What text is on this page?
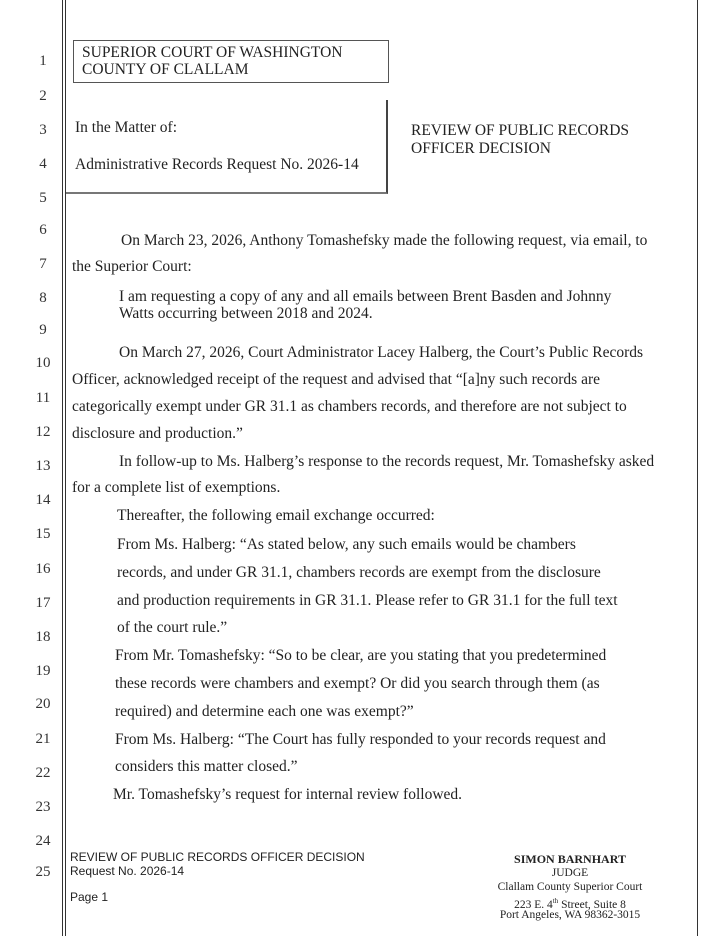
1
2
3
4
5
6
7
8
9
10
11
12
13
14
15
16
17
18
19
20
21
22
23
24
25
SUPERIOR COURT OF WASHINGTON
COUNTY OF CLALLAM
In the Matter of:
Administrative Records Request No. 2026-14
REVIEW OF PUBLIC RECORDS
OFFICER DECISION
On March 23, 2026, Anthony Tomashefsky made the following request, via email, to
the Superior Court:
I am requesting a copy of any and all emails between Brent Basden and Johnny
Watts occurring between 2018 and 2024.
On March 27, 2026, Court Administrator Lacey Halberg, the Court’s Public Records
Officer, acknowledged receipt of the request and advised that “[a]ny such records are
categorically exempt under GR 31.1 as chambers records, and therefore are not subject to
disclosure and production.”
In follow-up to Ms. Halberg’s response to the records request, Mr. Tomashefsky asked
for a complete list of exemptions.
Thereafter, the following email exchange occurred:
From Ms. Halberg: “As stated below, any such emails would be chambers
records, and under GR 31.1, chambers records are exempt from the disclosure
and production requirements in GR 31.1. Please refer to GR 31.1 for the full text
of the court rule.”
From Mr. Tomashefsky: “So to be clear, are you stating that you predetermined
these records were chambers and exempt? Or did you search through them (as
required) and determine each one was exempt?”
From Ms. Halberg: “The Court has fully responded to your records request and
considers this matter closed.”
Mr. Tomashefsky’s request for internal review followed.
REVIEW OF PUBLIC RECORDS OFFICER DECISION
Request No. 2026-14
Page 1
SIMON BARNHART
JUDGE
Clallam County Superior Court
223 E. 4th Street, Suite 8
Port Angeles, WA 98362-3015
